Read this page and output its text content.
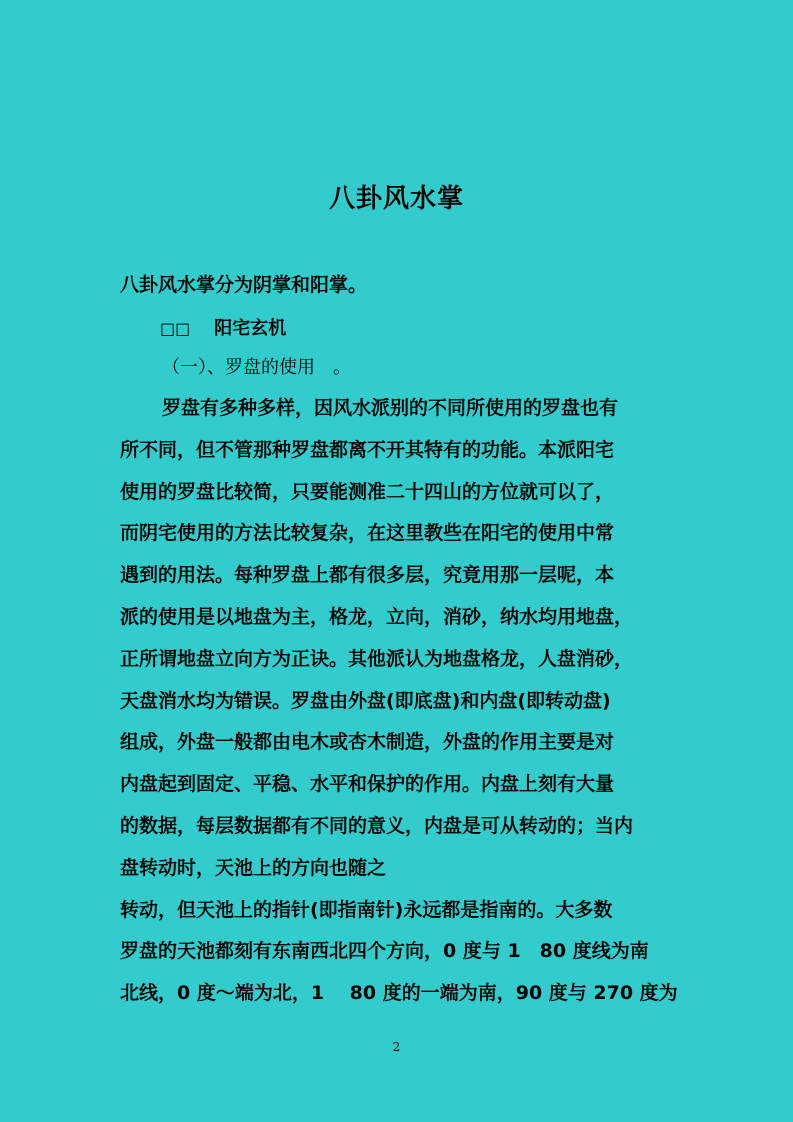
八卦风水掌
八卦风水掌分为阴掌和阳掌。
□□ 阳宅玄机
（一）、罗盘的使用　。
罗盘有多种多样，因风水派别的不同所使用的罗盘也有
所不同，但不管那种罗盘都离不开其特有的功能。本派阳宅
使用的罗盘比较简，只要能测准二十四山的方位就可以了，
而阴宅使用的方法比较复杂，在这里教些在阳宅的使用中常
遇到的用法。每种罗盘上都有很多层，究竟用那一层呢，本
派的使用是以地盘为主，格龙，立向，消砂，纳水均用地盘，
正所谓地盘立向方为正诀。其他派认为地盘格龙，人盘消砂，
天盘消水均为错误。罗盘由外盘(即底盘)和内盘(即转动盘)
组成，外盘一般都由电木或杏木制造，外盘的作用主要是对
内盘起到固定、平稳、水平和保护的作用。内盘上刻有大量
的数据，每层数据都有不同的意义，内盘是可从转动的；当内
盘转动时，天池上的方向也随之
转动，但天池上的指针(即指南针)永远都是指南的。大多数
罗盘的天池都刻有东南西北四个方向，0 度与 1　80 度线为南
北线，0 度～端为北，1　 80 度的一端为南，90 度与 270 度为
2
